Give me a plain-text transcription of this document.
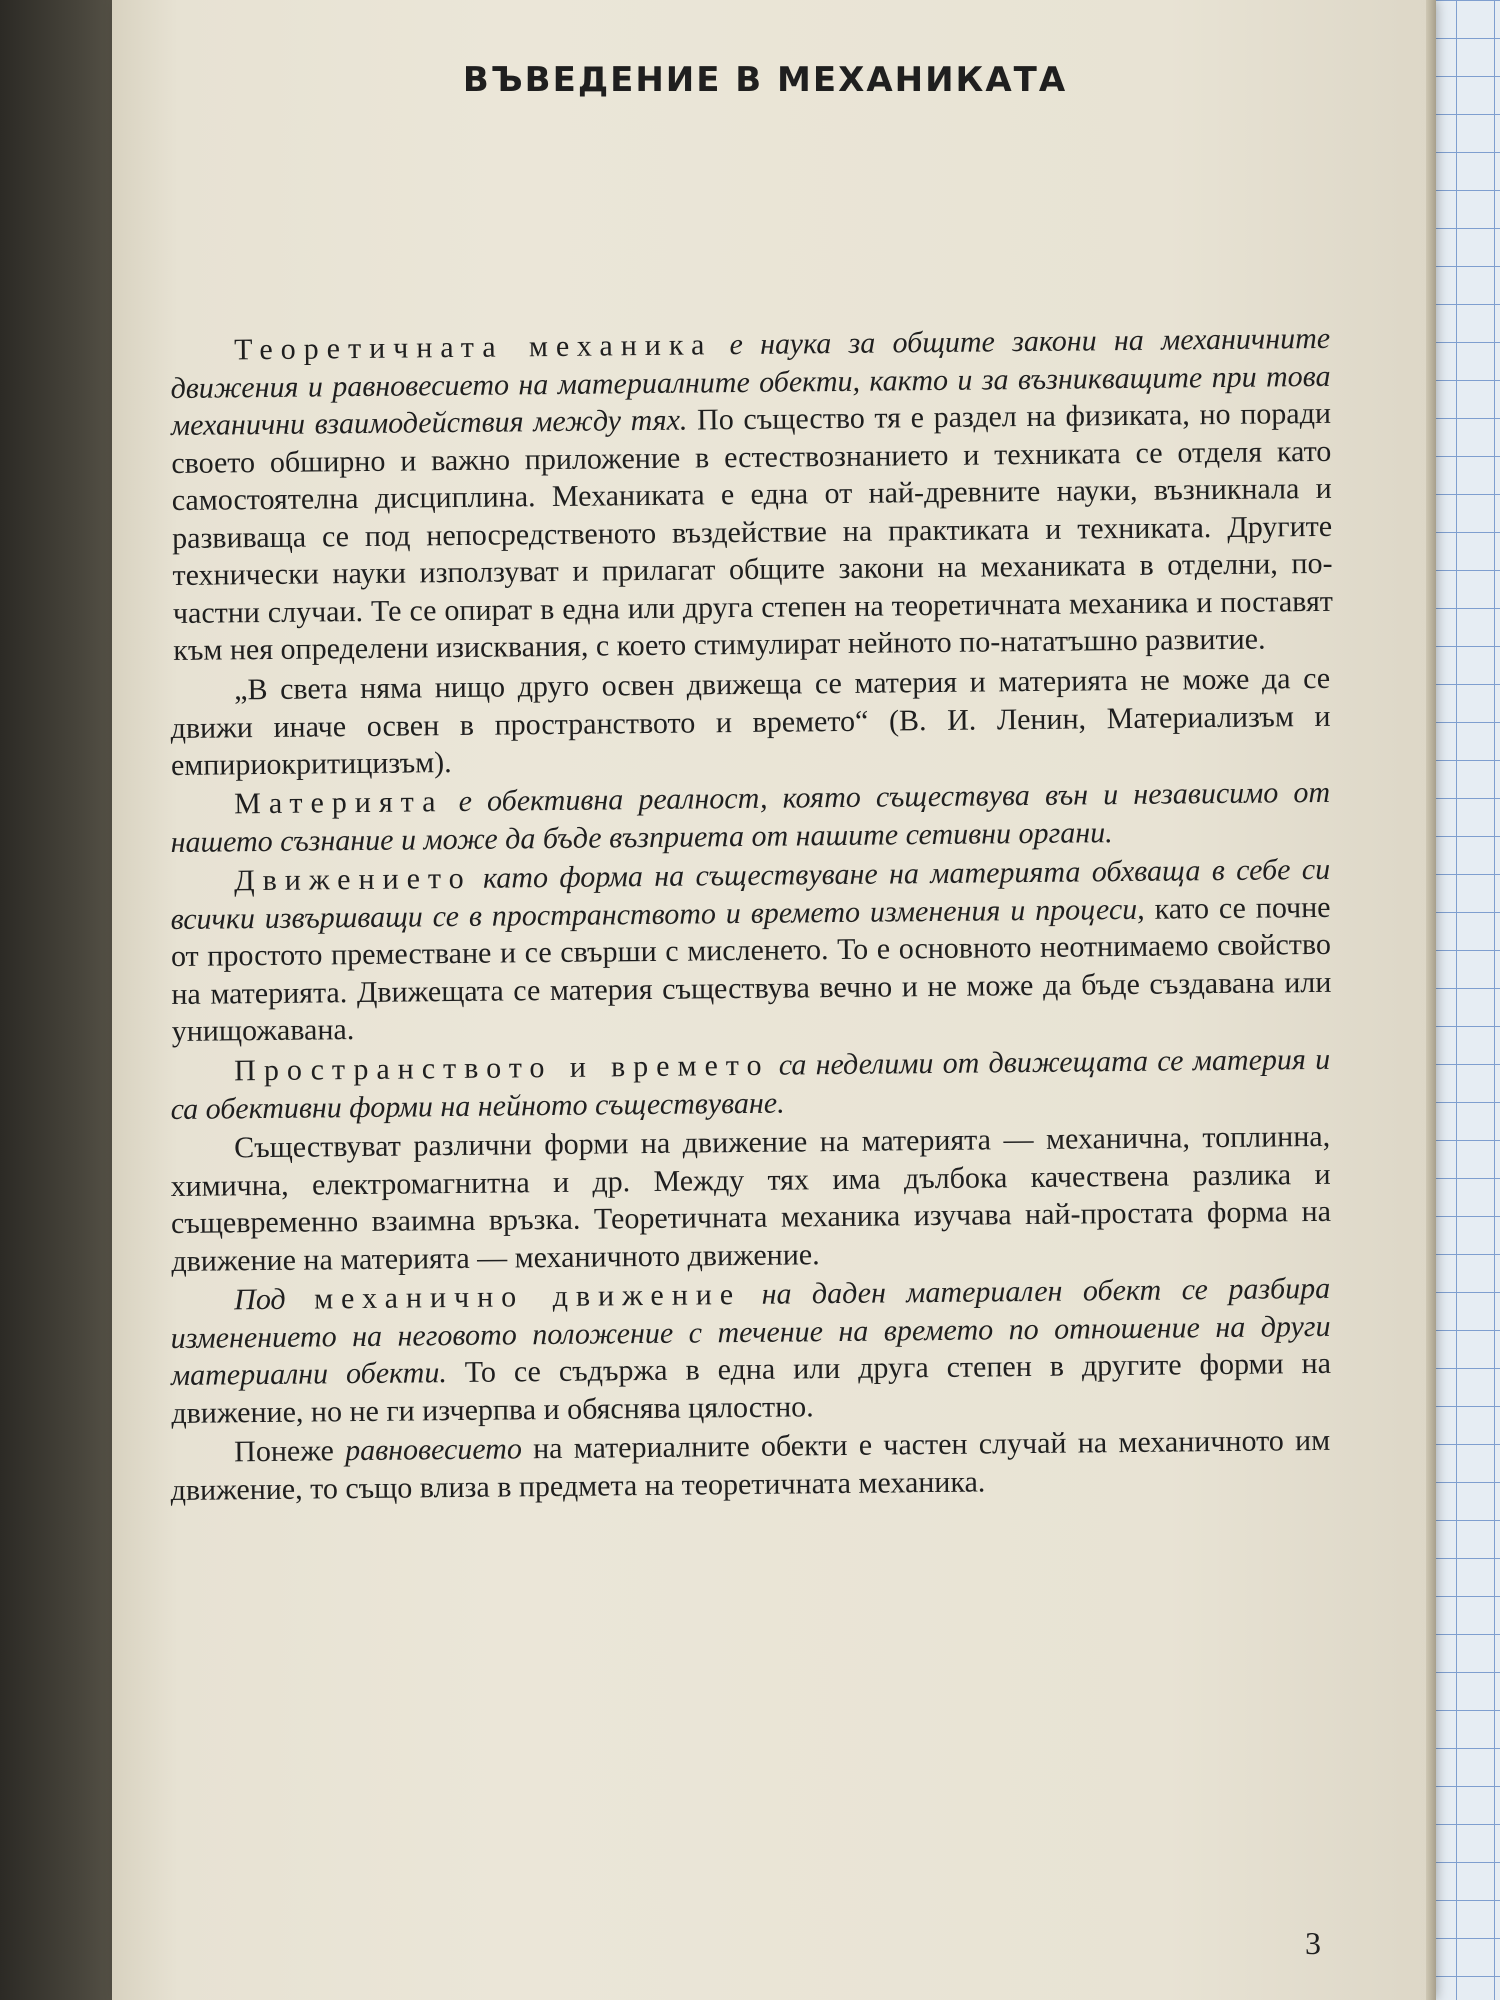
ВЪВЕДЕНИЕ В МЕХАНИКАТА

Теоретичната механика е наука за общите закони на механичните движения и равновесието на материалните обекти, както и за възникващите при това механични взаимодействия между тях. По същество тя е раздел на физиката, но поради своето обширно и важно приложение в естествознанието и техниката се отделя като самостоятелна дисциплина. Механиката е една от най-древните науки, възникнала и развиваща се под непосредственото въздействие на практиката и техниката. Другите технически науки използуват и прилагат общите закони на механиката в отделни, по-частни случаи. Те се опират в една или друга степен на теоретичната механика и поставят към нея определени изисквания, с което стимулират нейното по-нататъшно развитие.

„В света няма нищо друго освен движеща се материя и материята не може да се движи иначе освен в пространството и времето“ (В. И. Ленин, Материализъм и емпириокритицизъм).

Материята е обективна реалност, която съществува вън и независимо от нашето съзнание и може да бъде възприета от нашите сетивни органи.

Движението като форма на съществуване на материята обхваща в себе си всички извършващи се в пространството и времето изменения и процеси, като се почне от простото преместване и се свърши с мисленето. То е основното неотнимаемо свойство на материята. Движещата се материя съществува вечно и не може да бъде създавана или унищожавана.

Пространството и времето са неделими от движещата се материя и са обективни форми на нейното съществуване.

Съществуват различни форми на движение на материята — механична, топлинна, химична, електромагнитна и др. Между тях има дълбока качествена разлика и същевременно взаимна връзка. Теоретичната механика изучава най-простата форма на движение на материята — механичното движение.

Под механично движение на даден материален обект се разбира изменението на неговото положение с течение на времето по отношение на други материални обекти. То се съдържа в една или друга степен в другите форми на движение, но не ги изчерпва и обяснява цялостно.

Понеже равновесието на материалните обекти е частен случай на механичното им движение, то също влиза в предмета на теоретичната механика.

3
